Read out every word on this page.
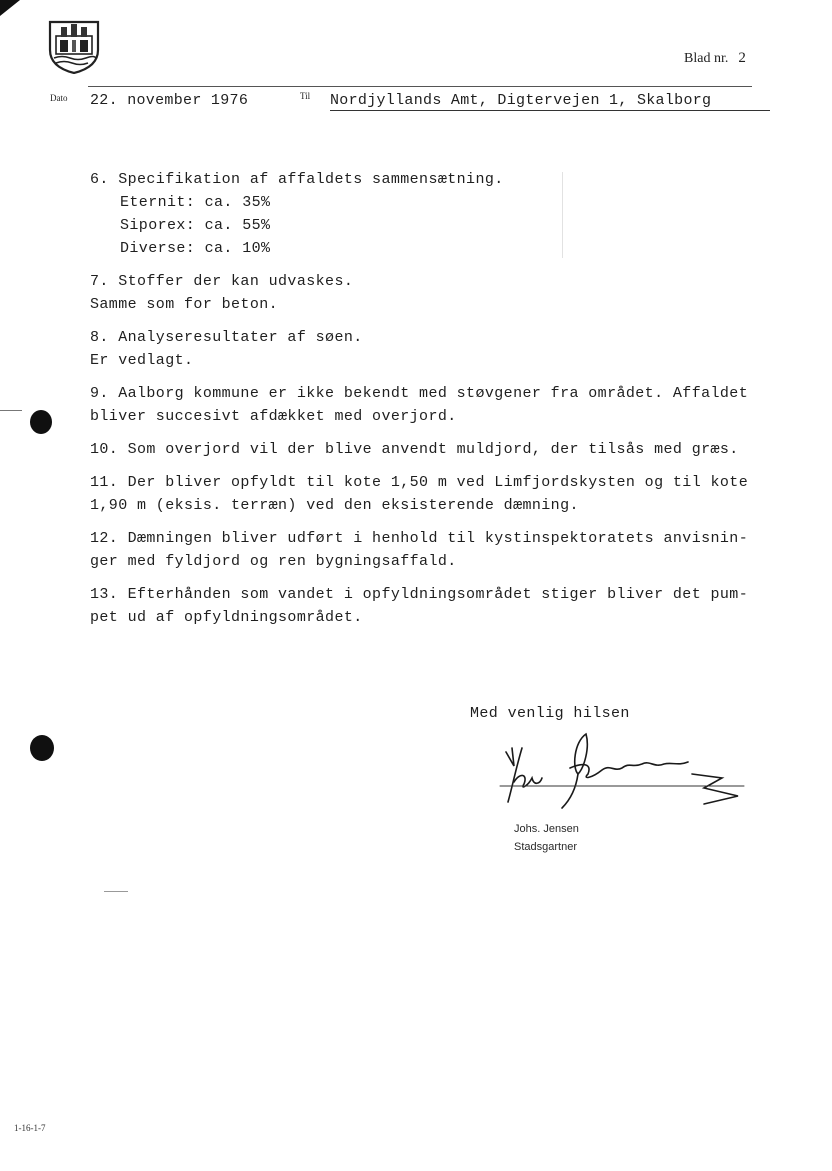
Blad nr. 2
Dato 22. november 1976	Til Nordjyllands Amt, Digtervejen 1, Skalborg

6. Specifikation af affaldets sammensætning.

Eternit: ca. 35%
Siporex: ca. 55%
Diverse: ca. 10%

7. Stoffer der kan udvaskes.

Samme som for beton.

8. Analyseresultater af søen.

Er vedlagt.

9. Aalborg kommune er ikke bekendt med støvgener fra området. Affaldet

bliver succesivt afdækket med overjord.

10. Som overjord vil der blive anvendt muldjord, der tilsås med græs.

11. Der bliver opfyldt til kote 1,50 m ved Limfjordskysten og til kote

1,90 m (eksis. terræn) ved den eksisterende dæmning.

12. Dæmningen bliver udført i henhold til kystinspektoratets anvisnin-

ger med fyldjord og ren bygningsaffald.

13. Efterhånden som vandet i opfyldningsområdet stiger bliver det pum-

pet ud af opfyldningsområdet.

Med venlig hilsen
Johs. Jensen
Stadsgartner
1-16-1-7
